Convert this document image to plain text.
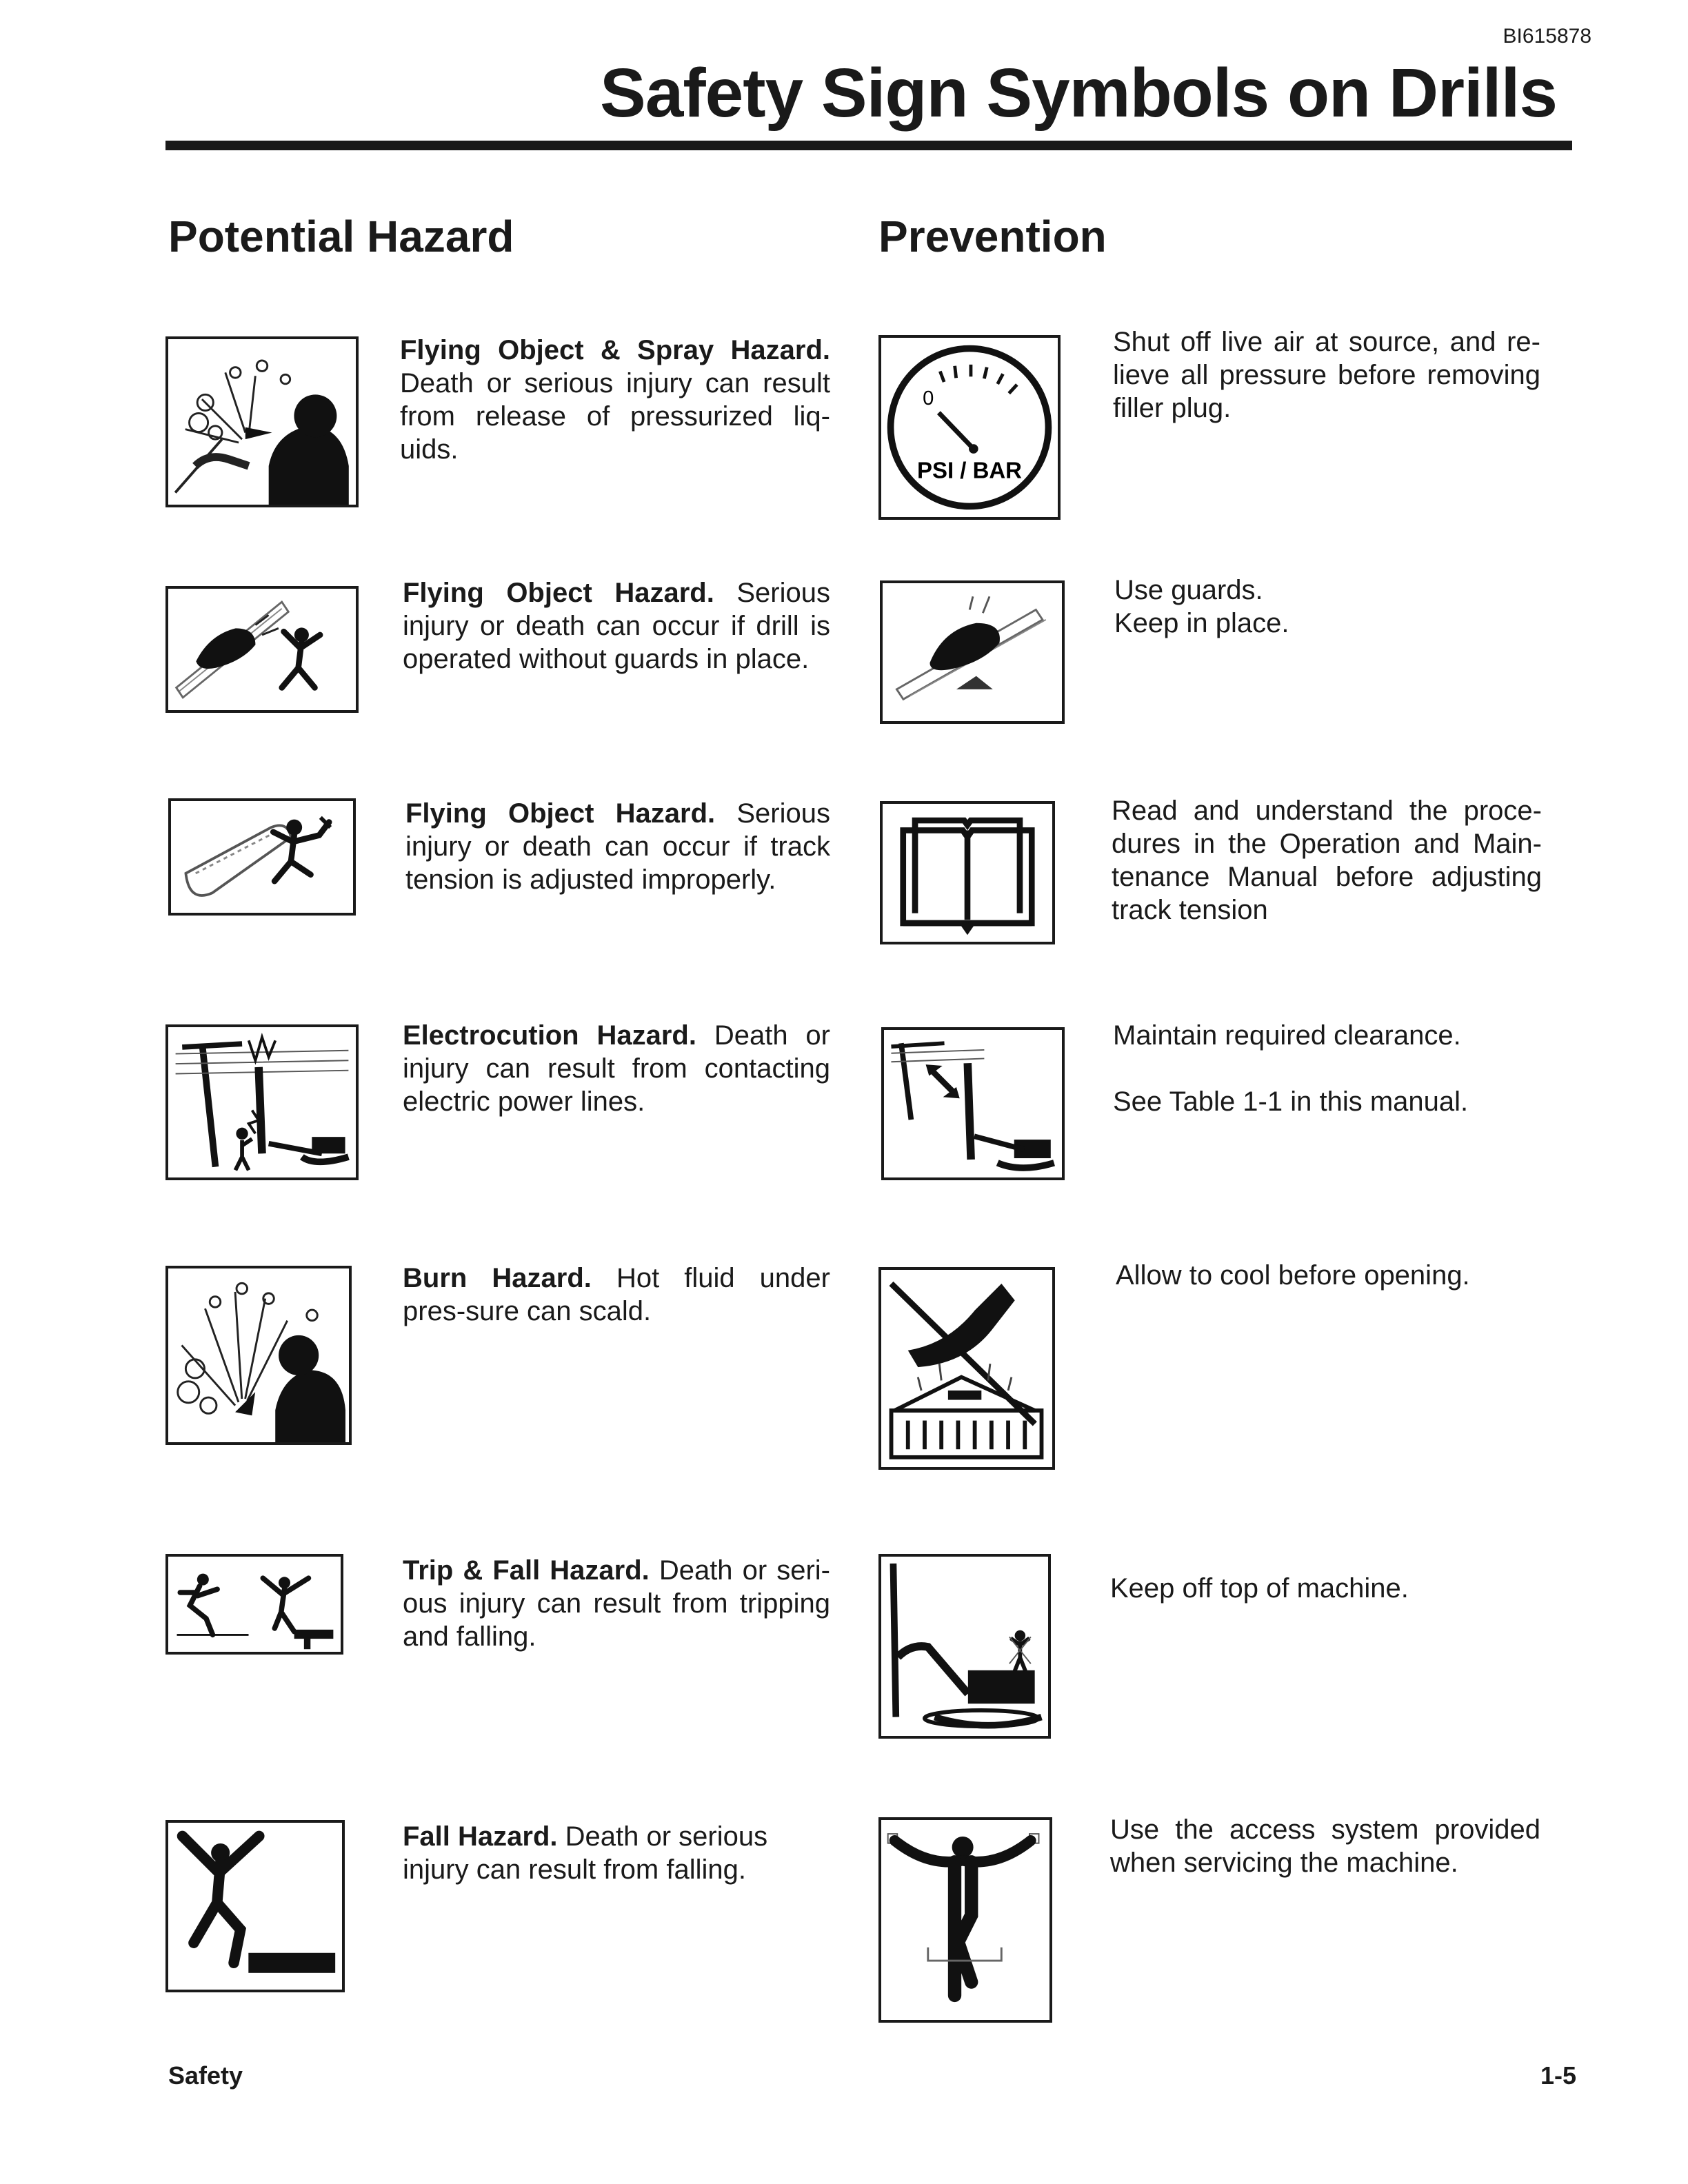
BI615878
Safety Sign Symbols on Drills
Potential Hazard	Prevention
Flying Object & Spray Hazard. Death or serious injury can result from release of pressurized liq-uids.
0
PSI / BAR
Shut off live air at source, and re-lieve all pressure before removing filler plug.
Flying Object Hazard. Serious injury or death can occur if drill is operated without guards in place.

Use guards.

Keep in place.

Flying Object Hazard. Serious injury or death can occur if track tension is adjusted improperly.
Read and understand the proce-dures in the Operation and Main-tenance Manual before adjusting track tension
Electrocution Hazard. Death or injury can result from contacting electric power lines.

Maintain required clearance.

See Table 1-1 in this manual.

Burn Hazard. Hot fluid under pres-sure can scald.
Allow to cool before opening.
Trip & Fall Hazard. Death or seri-ous injury can result from tripping and falling.
Keep off top of machine.
Fall Hazard. Death or serious injury can result from falling.
Use the access system provided when servicing the machine.
Safety	1-5
